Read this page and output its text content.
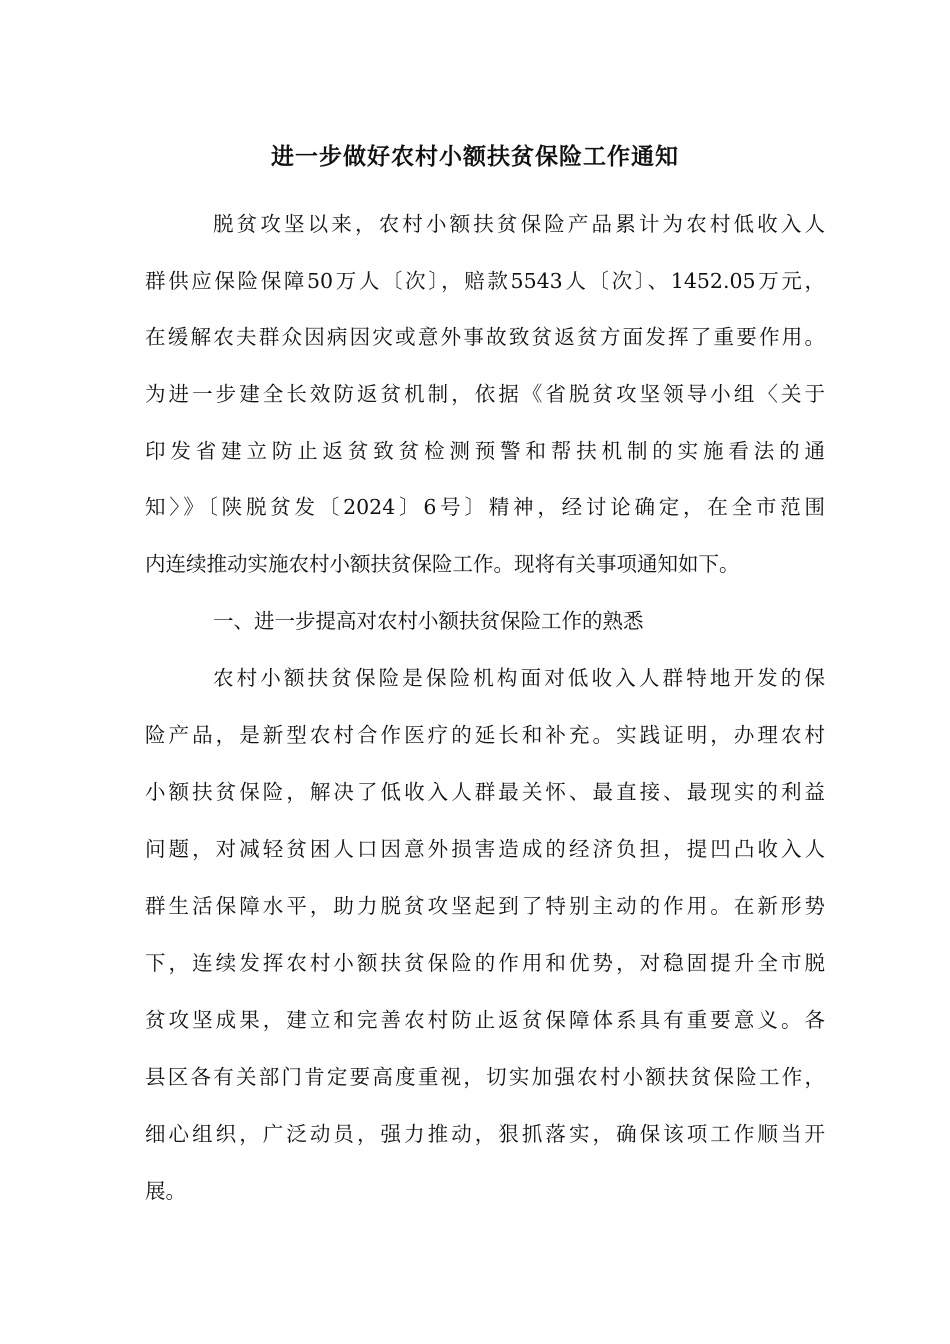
进一步做好农村小额扶贫保险工作通知

脱贫攻坚以来，农村小额扶贫保险产品累计为农村低收入人

群供应保险保障50万人〔次〕，赔款5543人〔次〕、1452.05万元，

在缓解农夫群众因病因灾或意外事故致贫返贫方面发挥了重要作用。

为进一步建全长效防返贫机制，依据《省脱贫攻坚领导小组〈关于

印发省建立防止返贫致贫检测预警和帮扶机制的实施看法的通

知〉》〔陕脱贫发〔2024〕6号〕精神，经讨论确定，在全市范围

内连续推动实施农村小额扶贫保险工作。现将有关事项通知如下。

一、进一步提高对农村小额扶贫保险工作的熟悉

农村小额扶贫保险是保险机构面对低收入人群特地开发的保

险产品，是新型农村合作医疗的延长和补充。实践证明，办理农村

小额扶贫保险，解决了低收入人群最关怀、最直接、最现实的利益

问题，对减轻贫困人口因意外损害造成的经济负担，提凹凸收入人

群生活保障水平，助力脱贫攻坚起到了特别主动的作用。在新形势

下，连续发挥农村小额扶贫保险的作用和优势，对稳固提升全市脱

贫攻坚成果，建立和完善农村防止返贫保障体系具有重要意义。各

县区各有关部门肯定要高度重视，切实加强农村小额扶贫保险工作，

细心组织，广泛动员，强力推动，狠抓落实，确保该项工作顺当开

展。
